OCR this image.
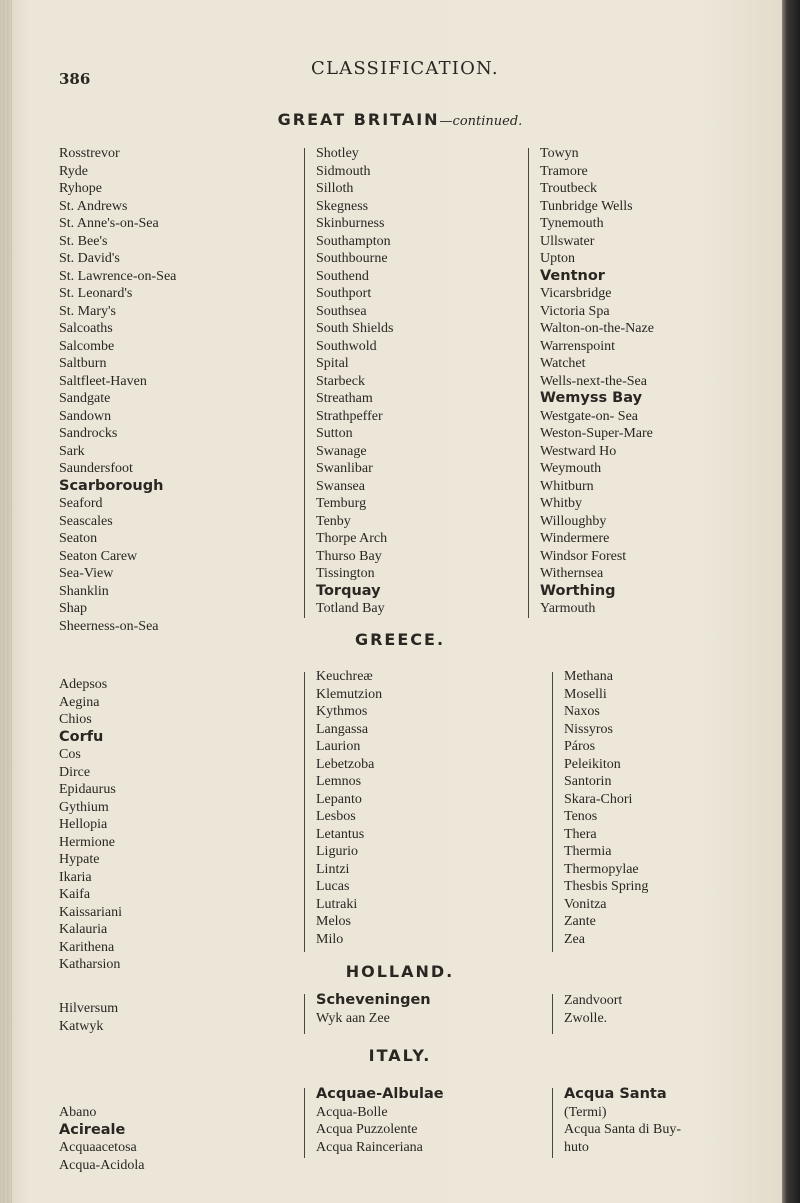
386	CLASSIFICATION.
GREAT BRITAIN—continued.
Rosstrevor
Ryde
Ryhope
St. Andrews
St. Anne's-on-Sea
St. Bee's
St. David's
St. Lawrence-on-Sea
St. Leonard's
St. Mary's
Salcoaths
Salcombe
Saltburn
Saltfleet-Haven
Sandgate
Sandown
Sandrocks
Sark
Saundersfoot
Scarborough
Seaford
Seascales
Seaton
Seaton Carew
Sea-View
Shanklin
Shap
Sheerness-on-Sea
Shotley
Sidmouth
Silloth
Skegness
Skinburness
Southampton
Southbourne
Southend
Southport
Southsea
South Shields
Southwold
Spital
Starbeck
Streatham
Strathpeffer
Sutton
Swanage
Swanlibar
Swansea
Temburg
Tenby
Thorpe Arch
Thurso Bay
Tissington
Torquay
Totland Bay
Towyn
Tramore
Troutbeck
Tunbridge Wells
Tynemouth
Ullswater
Upton
Ventnor
Vicarsbridge
Victoria Spa
Walton-on-the-Naze
Warrenspoint
Watchet
Wells-next-the-Sea
Wemyss Bay
Westgate-on- Sea
Weston-Super-Mare
Westward Ho
Weymouth
Whitburn
Whitby
Willoughby
Windermere
Windsor Forest
Withernsea
Worthing
Yarmouth
GREECE.
Adepsos
Aegina
Chios
Corfu
Cos
Dirce
Epidaurus
Gythium
Hellopia
Hermione
Hypate
Ikaria
Kaifa
Kaissariani
Kalauria
Karithena
Katharsion
Keuchreæ
Klemutzion
Kythmos
Langassa
Laurion
Lebetzoba
Lemnos
Lepanto
Lesbos
Letantus
Ligurio
Lintzi
Lucas
Lutraki
Melos
Milo
Methana
Moselli
Naxos
Nissyros
Páros
Peleikiton
Santorin
Skara-Chori
Tenos
Thera
Thermia
Thermopylae
Thesbis Spring
Vonitza
Zante
Zea
HOLLAND.
Hilversum
Katwyk
Scheveningen
Wyk aan Zee
Zandvoort
Zwolle.
ITALY.
Abano
Acireale
Acquaacetosa
Acqua-Acidola
Acquae-Albulae
Acqua-Bolle
Acqua Puzzolente
Acqua Rainceriana
Acqua Santa
(Termi)
Acqua Santa di Buy-
huto
